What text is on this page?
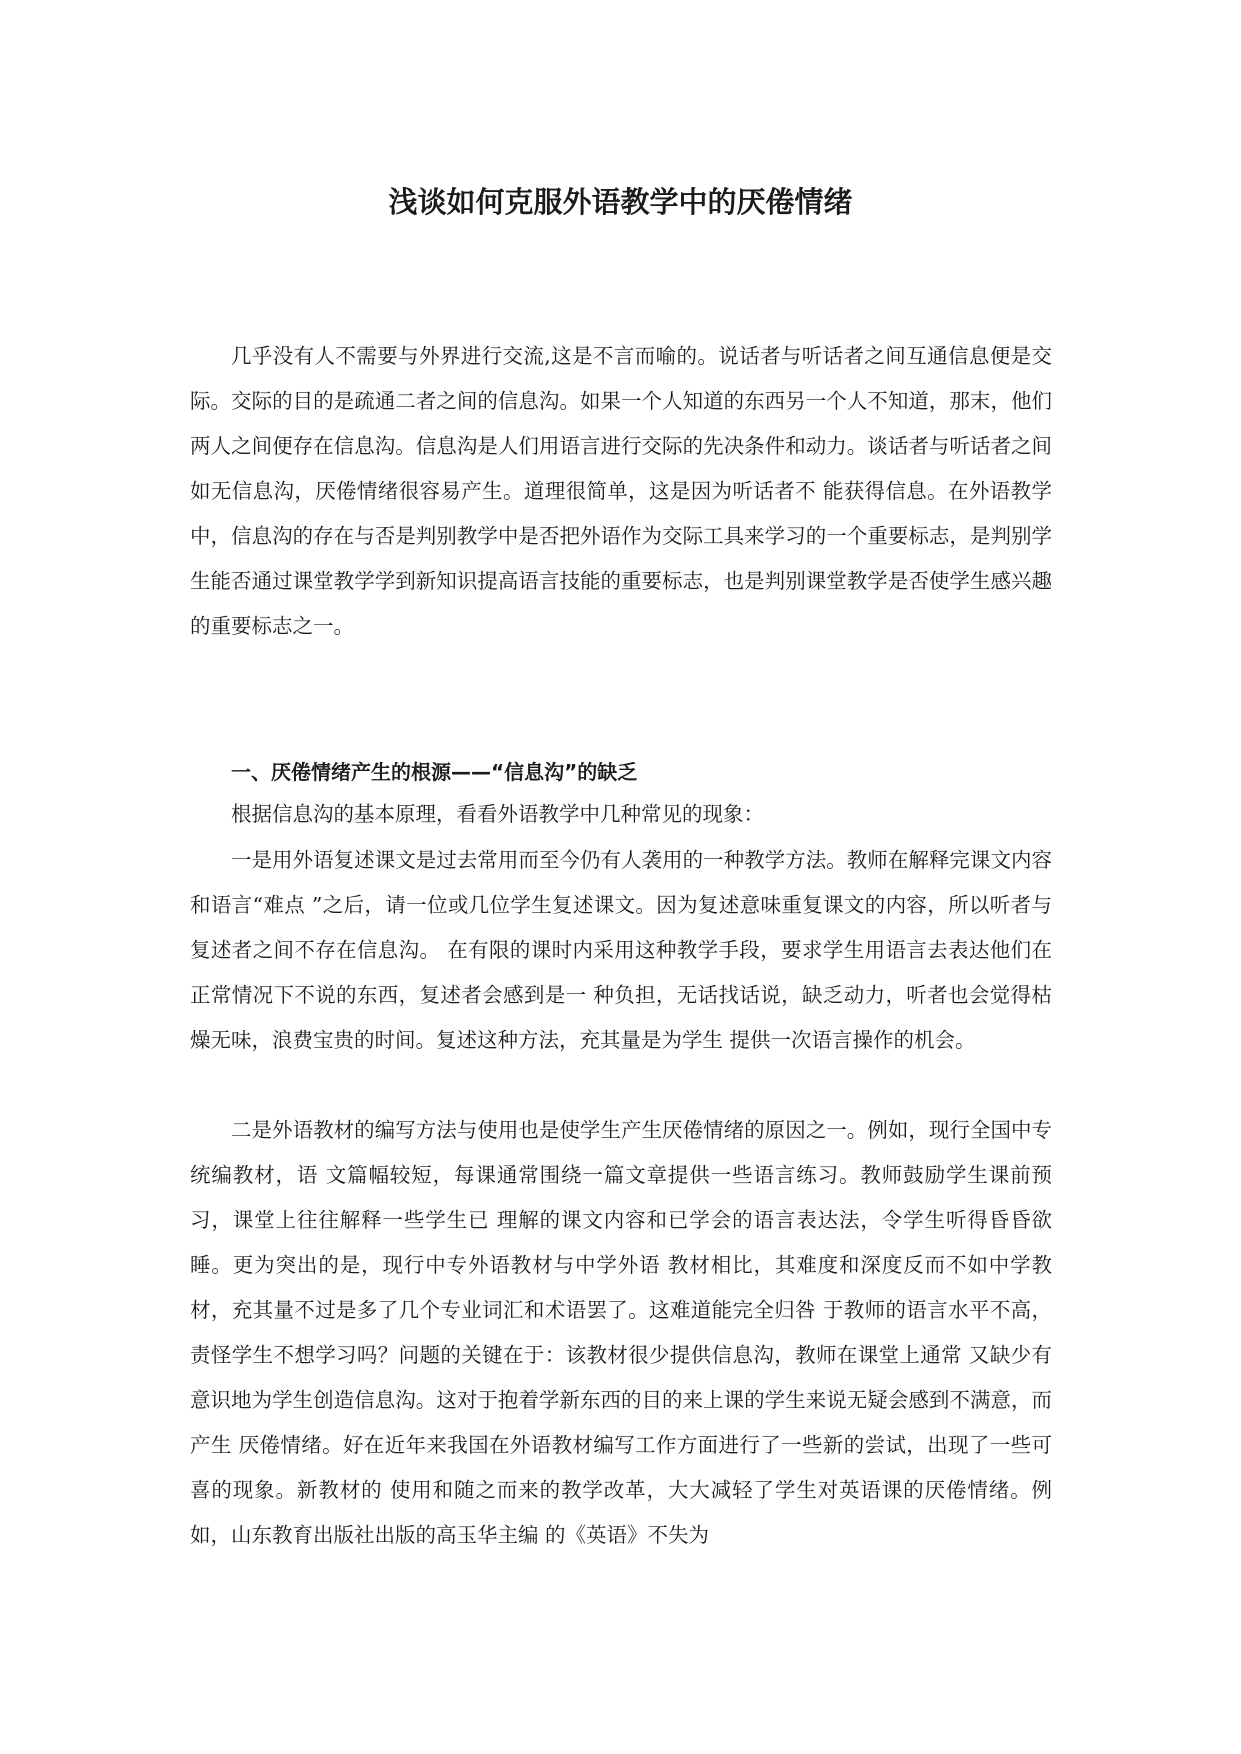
浅谈如何克服外语教学中的厌倦情绪

几乎没有人不需要与外界进行交流,这是不言而喻的。说话者与听话者之间互通信息便是交际。交际的目的是疏通二者之间的信息沟。如果一个人知道的东西另一个人不知道，那末，他们两人之间便存在信息沟。信息沟是人们用语言进行交际的先决条件和动力。谈话者与听话者之间如无信息沟，厌倦情绪很容易产生。道理很简单，这是因为听话者不 能获得信息。在外语教学中，信息沟的存在与否是判别教学中是否把外语作为交际工具来学习的一个重要标志，是判别学生能否通过课堂教学学到新知识提高语言技能的重要标志，也是判别课堂教学是否使学生感兴趣的重要标志之一。

一、厌倦情绪产生的根源——“信息沟”的缺乏

根据信息沟的基本原理，看看外语教学中几种常见的现象：

一是用外语复述课文是过去常用而至今仍有人袭用的一种教学方法。教师在解释完课文内容和语言“难点 ”之后，请一位或几位学生复述课文。因为复述意味重复课文的内容，所以听者与复述者之间不存在信息沟。 在有限的课时内采用这种教学手段，要求学生用语言去表达他们在正常情况下不说的东西，复述者会感到是一 种负担，无话找话说，缺乏动力，听者也会觉得枯燥无味，浪费宝贵的时间。复述这种方法，充其量是为学生 提供一次语言操作的机会。

二是外语教材的编写方法与使用也是使学生产生厌倦情绪的原因之一。例如，现行全国中专统编教材，语 文篇幅较短，每课通常围绕一篇文章提供一些语言练习。教师鼓励学生课前预习，课堂上往往解释一些学生已 理解的课文内容和已学会的语言表达法，令学生听得昏昏欲睡。更为突出的是，现行中专外语教材与中学外语 教材相比，其难度和深度反而不如中学教材，充其量不过是多了几个专业词汇和术语罢了。这难道能完全归咎 于教师的语言水平不高，责怪学生不想学习吗？问题的关键在于：该教材很少提供信息沟，教师在课堂上通常 又缺少有意识地为学生创造信息沟。这对于抱着学新东西的目的来上课的学生来说无疑会感到不满意，而产生 厌倦情绪。好在近年来我国在外语教材编写工作方面进行了一些新的尝试，出现了一些可喜的现象。新教材的 使用和随之而来的教学改革，大大减轻了学生对英语课的厌倦情绪。例如，山东教育出版社出版的高玉华主编 的《英语》不失为
